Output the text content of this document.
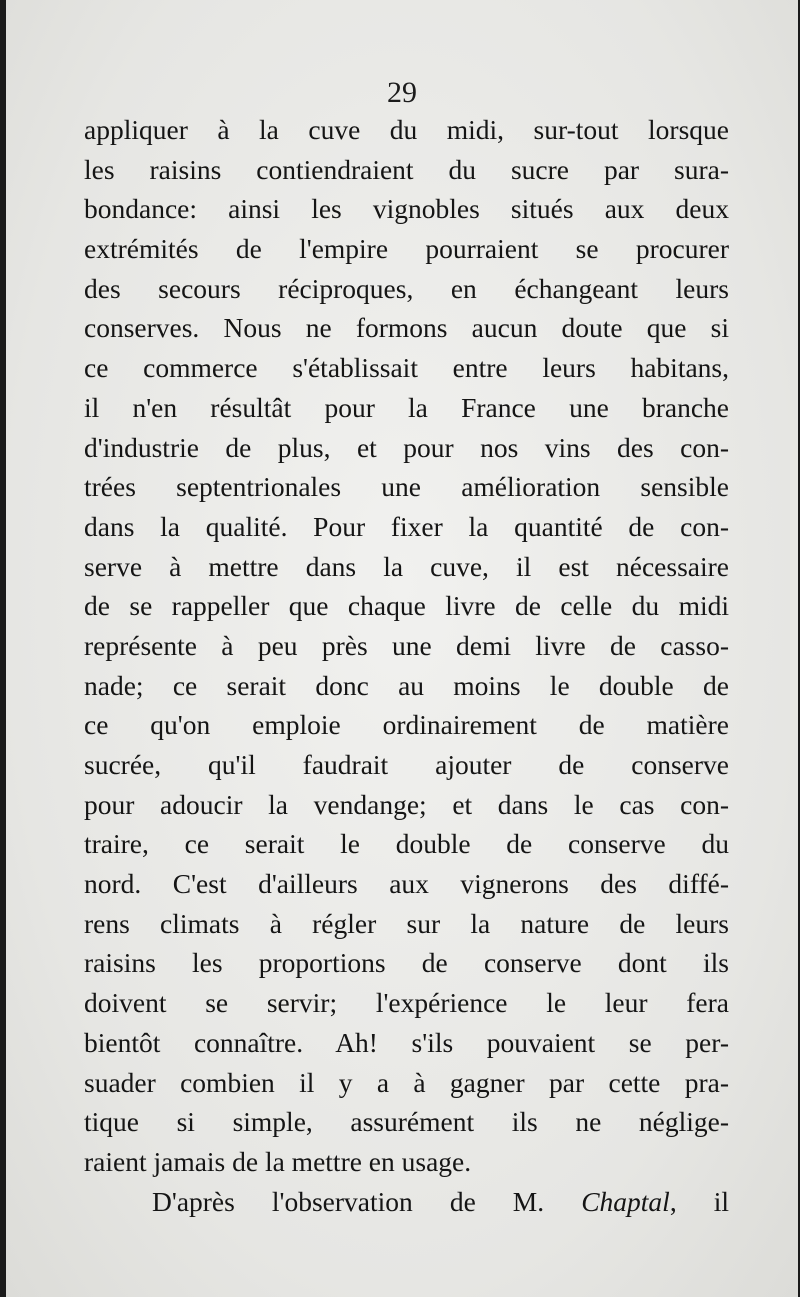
29
appliquer à la cuve du midi, sur-tout lorsque
les raisins contiendraient du sucre par sura-
bondance: ainsi les vignobles situés aux deux
extrémités de l'empire pourraient se procurer
des secours réciproques, en échangeant leurs
conserves. Nous ne formons aucun doute que si
ce commerce s'établissait entre leurs habitans,
il n'en résultât pour la France une branche
d'industrie de plus, et pour nos vins des con-
trées septentrionales une amélioration sensible
dans la qualité. Pour fixer la quantité de con-
serve à mettre dans la cuve, il est nécessaire
de se rappeller que chaque livre de celle du midi
représente à peu près une demi livre de casso-
nade; ce serait donc au moins le double de
ce qu'on emploie ordinairement de matière
sucrée, qu'il faudrait ajouter de conserve
pour adoucir la vendange; et dans le cas con-
traire, ce serait le double de conserve du
nord. C'est d'ailleurs aux vignerons des diffé-
rens climats à régler sur la nature de leurs
raisins les proportions de conserve dont ils
doivent se servir; l'expérience le leur fera
bientôt connaître. Ah! s'ils pouvaient se per-
suader combien il y a à gagner par cette pra-
tique si simple, assurément ils ne néglige-
raient jamais de la mettre en usage.
D'après l'observation de M. Chaptal, il
